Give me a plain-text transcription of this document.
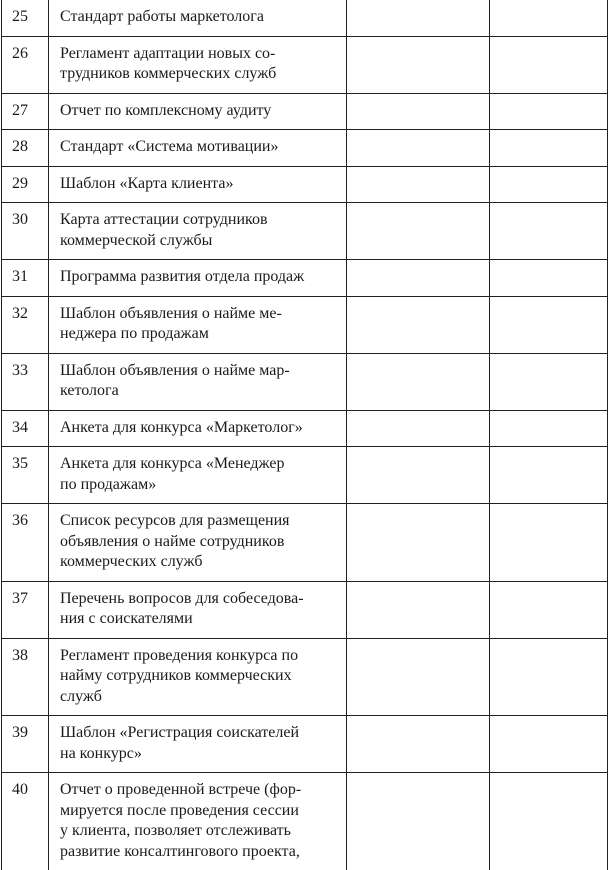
25	Стандарт работы маркетолога		

26	Регламент адаптации новых со-
трудников коммерческих служб		

27	Отчет по комплексному аудиту		

28	Стандарт «Система мотивации»		

29	Шаблон «Карта клиента»		

30	Карта аттестации сотрудников
коммерческой службы		

31	Программа развития отдела продаж		

32	Шаблон объявления о найме ме-
неджера по продажам		

33	Шаблон объявления о найме мар-
кетолога		

34	Анкета для конкурса «Маркетолог»		

35	Анкета для конкурса «Менеджер
по продажам»		

36	Список ресурсов для размещения
объявления о найме сотрудников
коммерческих служб		

37	Перечень вопросов для собеседова-
ния с соискателями		

38	Регламент проведения конкурса по
найму сотрудников коммерческих
служб		

39	Шаблон «Регистрация соискателей
на конкурс»		

40	Отчет о проведенной встрече (фор-
мируется после проведения сессии
у клиента, позволяет отслеживать
развитие консалтингового проекта,		
